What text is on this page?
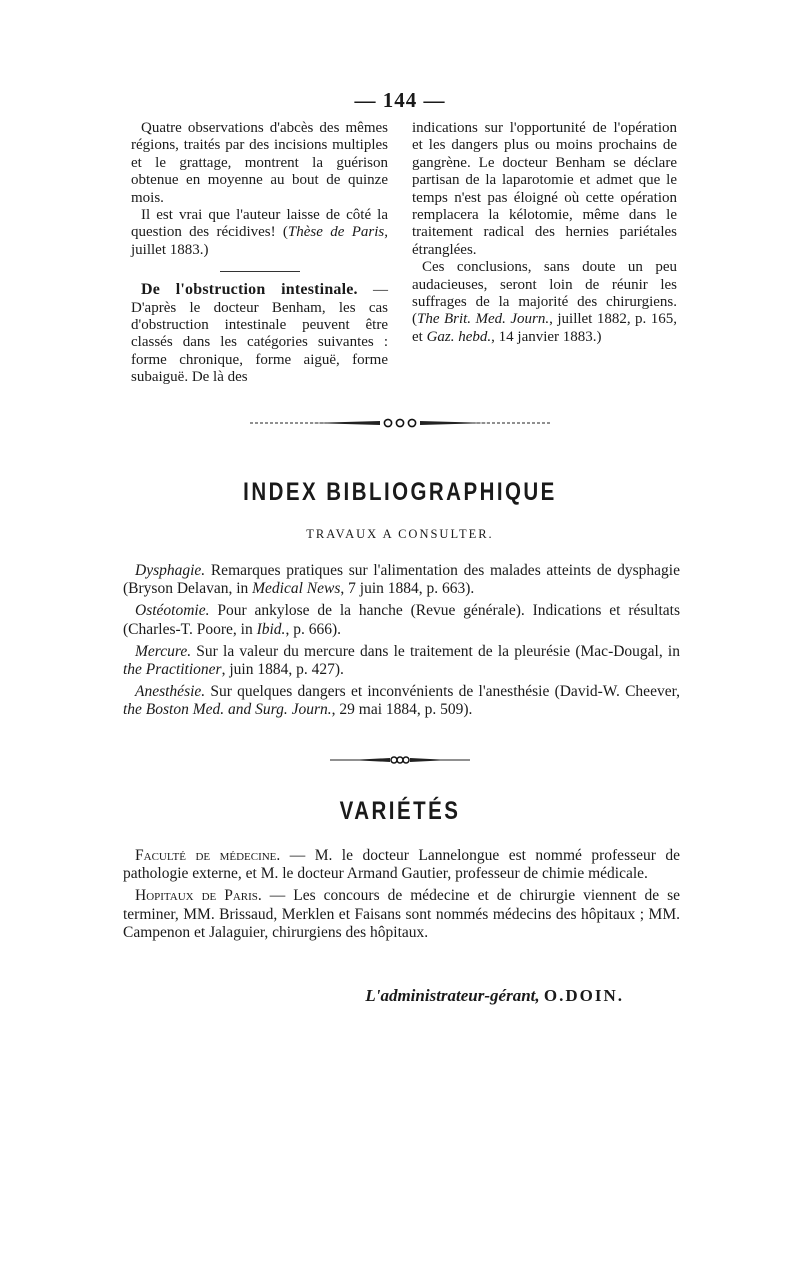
— 144 —

Quatre observations d'abcès des mêmes régions, traités par des incisions multiples et le grattage, montrent la guérison obtenue en moyenne au bout de quinze mois.

Il est vrai que l'auteur laisse de côté la question des récidives! (Thèse de Paris, juillet 1883.)

De l'obstruction intestinale. — D'après le docteur Benham, les cas d'obstruction intestinale peuvent être classés dans les catégories suivantes : forme chronique, forme aiguë, forme subaiguë. De là des

indications sur l'opportunité de l'opération et les dangers plus ou moins prochains de gangrène. Le docteur Benham se déclare partisan de la laparotomie et admet que le temps n'est pas éloigné où cette opération remplacera la kélotomie, même dans le traitement radical des hernies pariétales étranglées.

Ces conclusions, sans doute un peu audacieuses, seront loin de réunir les suffrages de la majorité des chirurgiens. (The Brit. Med. Journ., juillet 1882, p. 165, et Gaz. hebd., 14 janvier 1883.)

INDEX BIBLIOGRAPHIQUE
TRAVAUX A CONSULTER.

Dysphagie. Remarques pratiques sur l'alimentation des malades atteints de dysphagie (Bryson Delavan, in Medical News, 7 juin 1884, p. 663).

Ostéotomie. Pour ankylose de la hanche (Revue générale). Indications et résultats (Charles-T. Poore, in Ibid., p. 666).

Mercure. Sur la valeur du mercure dans le traitement de la pleurésie (Mac-Dougal, in the Practitioner, juin 1884, p. 427).

Anesthésie. Sur quelques dangers et inconvénients de l'anesthésie (David-W. Cheever, the Boston Med. and Surg. Journ., 29 mai 1884, p. 509).

VARIÉTÉS

Faculté de médecine. — M. le docteur Lannelongue est nommé professeur de pathologie externe, et M. le docteur Armand Gautier, professeur de chimie médicale.

Hopitaux de Paris. — Les concours de médecine et de chirurgie viennent de se terminer, MM. Brissaud, Merklen et Faisans sont nommés médecins des hôpitaux ; MM. Campenon et Jalaguier, chirurgiens des hôpitaux.

L'administrateur-gérant, O.DOIN.
